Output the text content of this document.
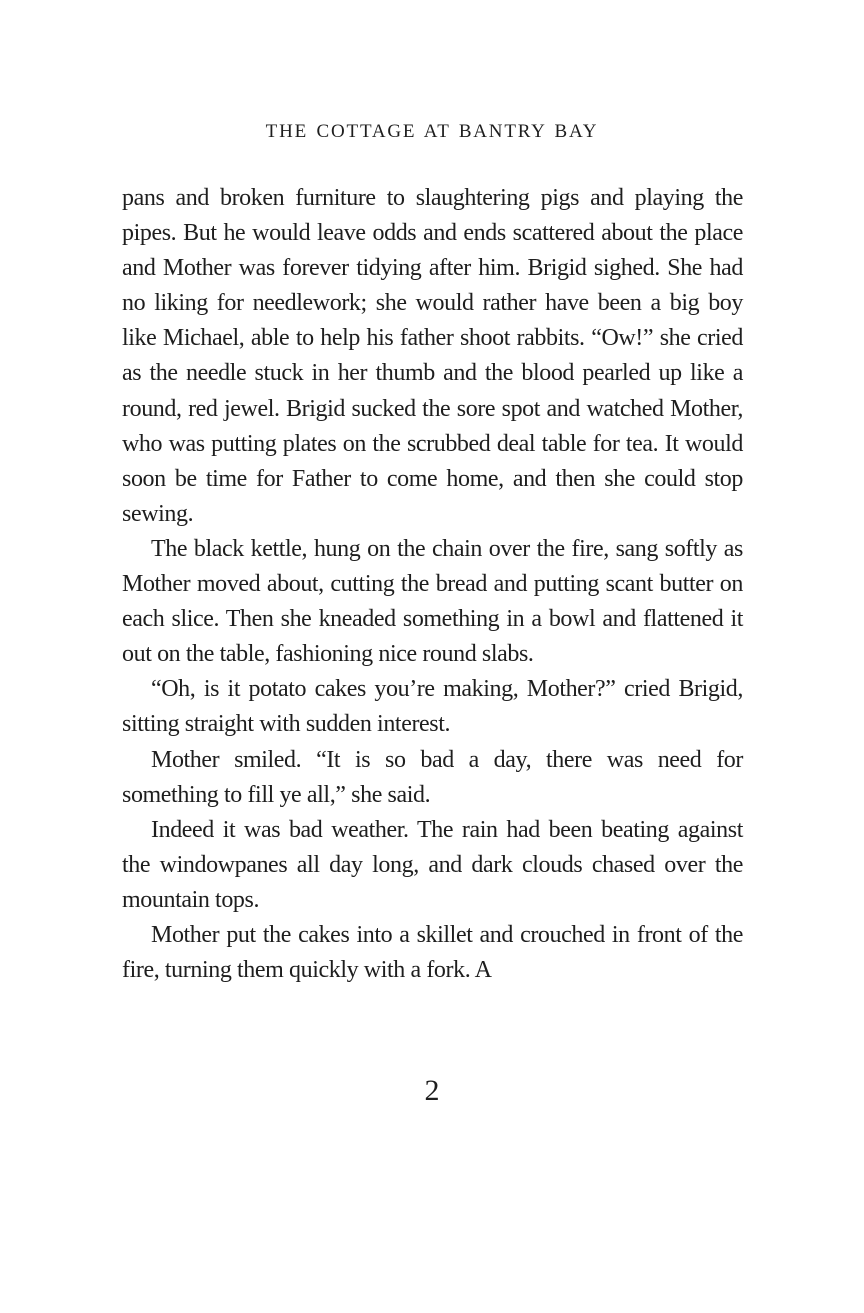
THE COTTAGE AT BANTRY BAY

pans and broken furniture to slaughtering pigs and playing the pipes. But he would leave odds and ends scattered about the place and Mother was forever tidying after him. Brigid sighed. She had no liking for needlework; she would rather have been a big boy like Michael, able to help his father shoot rabbits. “Ow!” she cried as the needle stuck in her thumb and the blood pearled up like a round, red jewel. Brigid sucked the sore spot and watched Mother, who was putting plates on the scrubbed deal table for tea. It would soon be time for Father to come home, and then she could stop sewing.

The black kettle, hung on the chain over the fire, sang softly as Mother moved about, cutting the bread and putting scant butter on each slice. Then she kneaded something in a bowl and flattened it out on the table, fashioning nice round slabs.

“Oh, is it potato cakes you’re making, Mother?” cried Brigid, sitting straight with sudden interest.

Mother smiled. “It is so bad a day, there was need for something to fill ye all,” she said.

Indeed it was bad weather. The rain had been beating against the windowpanes all day long, and dark clouds chased over the mountain tops.

Mother put the cakes into a skillet and crouched in front of the fire, turning them quickly with a fork. A

2
